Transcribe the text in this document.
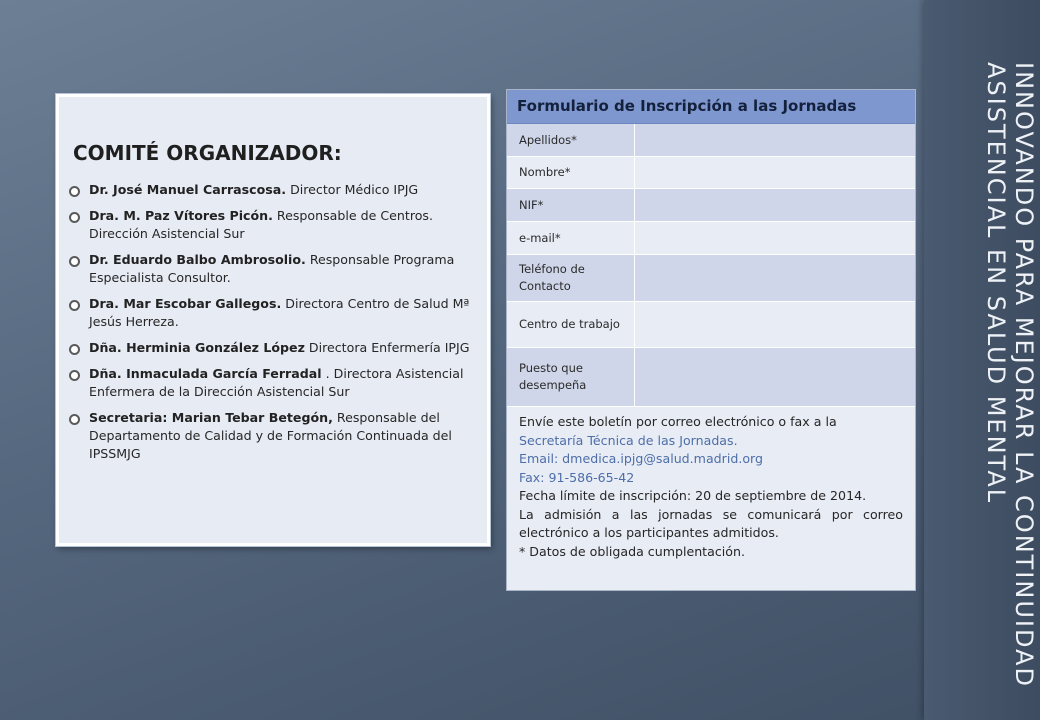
INNOVANDO PARA MEJORAR LA CONTINUIDAD
ASISTENCIAL EN SALUD MENTAL
COMITÉ ORGANIZADOR:
Dr. José Manuel Carrascosa. Director Médico IPJG
Dra. M. Paz Vítores Picón. Responsable de Centros. Dirección Asistencial Sur
Dr. Eduardo Balbo Ambrosolio. Responsable Programa Especialista Consultor.
Dra. Mar Escobar Gallegos. Directora Centro de Salud Mª Jesús Herreza.
Dña. Herminia González López Directora Enfermería IPJG
Dña. Inmaculada García Ferradal . Directora Asistencial Enfermera de la Dirección Asistencial Sur
Secretaria: Marian Tebar Betegón, Responsable del Departamento de Calidad y de Formación Continuada del IPSSMJG
Formulario de Inscripción a las Jornadas
Apellidos*
Nombre*
NIF*
e-mail*
Teléfono de Contacto
Centro de trabajo
Puesto que desempeña
Envíe este boletín por correo electrónico o fax a la
Secretaría Técnica de las Jornadas.
Email: dmedica.ipjg@salud.madrid.org
Fax: 91-586-65-42
Fecha límite de inscripción: 20 de septiembre de 2014.
La admisión a las jornadas se comunicará por correo electrónico a los participantes admitidos.
* Datos de obligada cumplentación.
